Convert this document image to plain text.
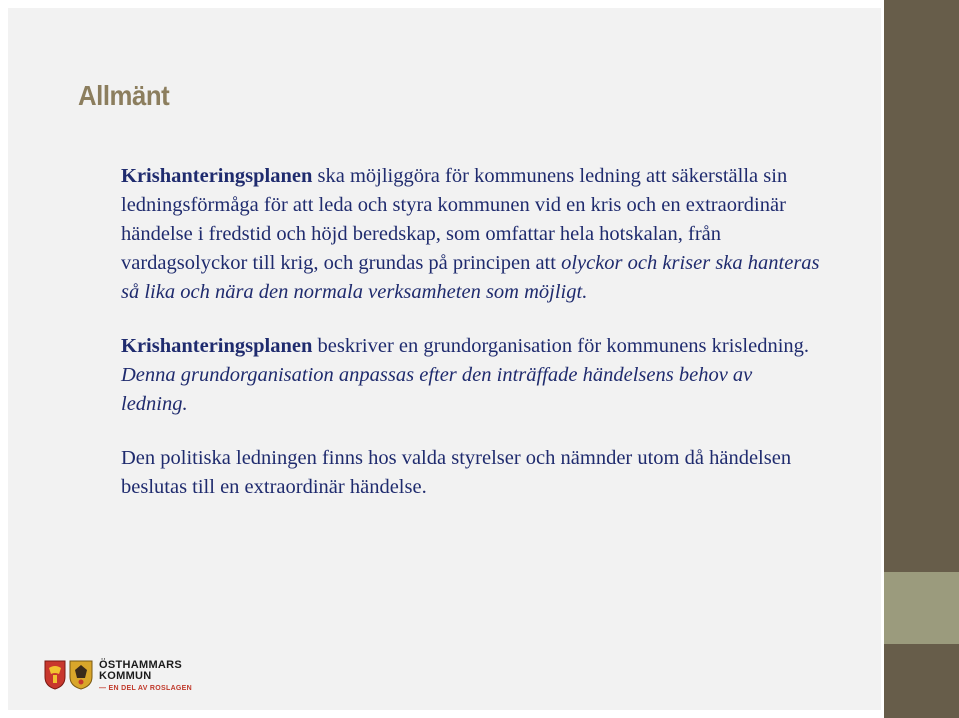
Allmänt

Krishanteringsplanen ska möjliggöra för kommunens ledning att säkerställa sin ledningsförmåga för att leda och styra kommunen vid en kris och en extraordinär händelse i fredstid och höjd beredskap, som omfattar hela hotskalan, från vardagsolyckor till krig, och grundas på principen att olyckor och kriser ska hanteras så lika och nära den normala verksamheten som möjligt.

Krishanteringsplanen beskriver en grundorganisation för kommunens krisledning. Denna grundorganisation anpassas efter den inträffade händelsens behov av ledning.

Den politiska ledningen finns hos valda styrelser och nämnder utom då händelsen beslutas till en extraordinär händelse.

ÖSTHAMMARS
KOMMUN
— EN DEL AV ROSLAGEN
